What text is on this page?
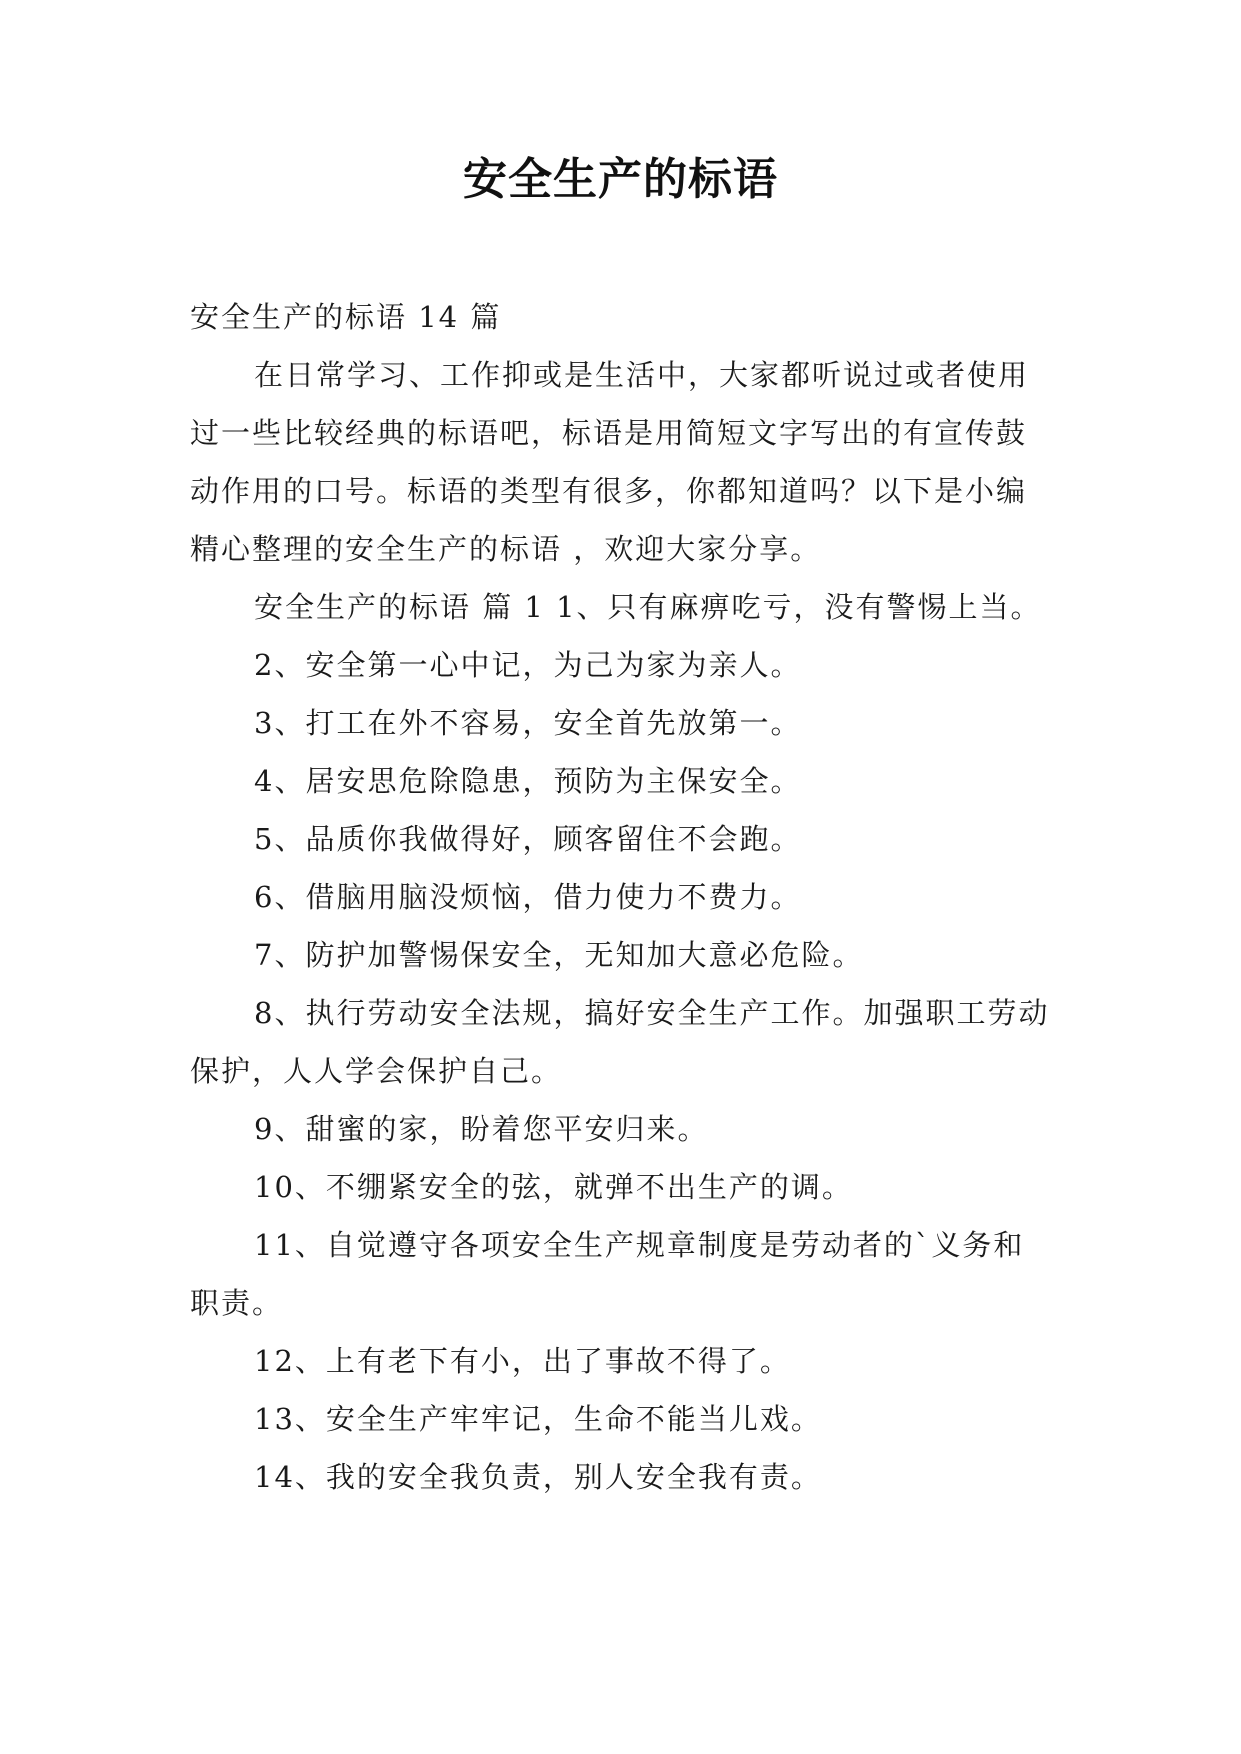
安全生产的标语

安全生产的标语 14 篇

在日常学习、工作抑或是生活中，大家都听说过或者使用过一些比较经典的标语吧，标语是用简短文字写出的有宣传鼓动作用的口号。标语的类型有很多，你都知道吗？以下是小编精心整理的安全生产的标语 ，欢迎大家分享。

安全生产的标语 篇 1 1、只有麻痹吃亏，没有警惕上当。

2、安全第一心中记，为己为家为亲人。

3、打工在外不容易，安全首先放第一。

4、居安思危除隐患，预防为主保安全。

5、品质你我做得好，顾客留住不会跑。

6、借脑用脑没烦恼，借力使力不费力。

7、防护加警惕保安全，无知加大意必危险。

8、执行劳动安全法规，搞好安全生产工作。加强职工劳动保护，人人学会保护自己。

9、甜蜜的家，盼着您平安归来。

10、不绷紧安全的弦，就弹不出生产的调。

11、自觉遵守各项安全生产规章制度是劳动者的`义务和职责。

12、上有老下有小，出了事故不得了。

13、安全生产牢牢记，生命不能当儿戏。

14、我的安全我负责，别人安全我有责。
